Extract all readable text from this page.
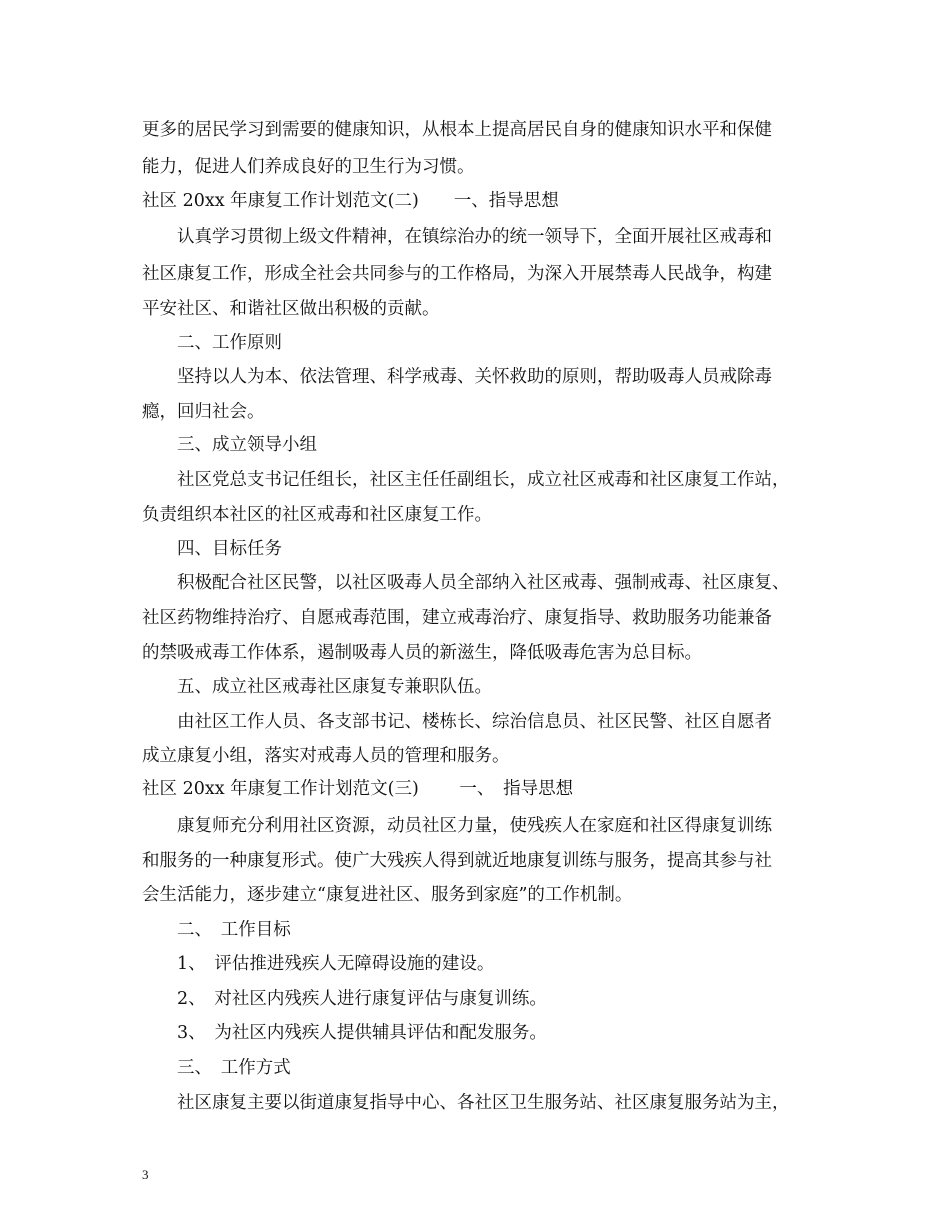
更多的居民学习到需要的健康知识，从根本上提高居民自身的健康知识水平和保健
能力，促进人们养成良好的卫生行为习惯。
社区 20xx 年康复工作计划范文(二)　　一、指导思想
认真学习贯彻上级文件精神，在镇综治办的统一领导下，全面开展社区戒毒和
社区康复工作，形成全社会共同参与的工作格局，为深入开展禁毒人民战争，构建
平安社区、和谐社区做出积极的贡献。
二、工作原则
坚持以人为本、依法管理、科学戒毒、关怀救助的原则，帮助吸毒人员戒除毒
瘾，回归社会。
三、成立领导小组
社区党总支书记任组长，社区主任任副组长，成立社区戒毒和社区康复工作站，
负责组织本社区的社区戒毒和社区康复工作。
四、目标任务
积极配合社区民警，以社区吸毒人员全部纳入社区戒毒、强制戒毒、社区康复、
社区药物维持治疗、自愿戒毒范围，建立戒毒治疗、康复指导、救助服务功能兼备
的禁吸戒毒工作体系，遏制吸毒人员的新滋生，降低吸毒危害为总目标。
五、成立社区戒毒社区康复专兼职队伍。
由社区工作人员、各支部书记、楼栋长、综治信息员、社区民警、社区自愿者
成立康复小组，落实对戒毒人员的管理和服务。
社区 20xx 年康复工作计划范文(三)　　 一、　指导思想
康复师充分利用社区资源，动员社区力量，使残疾人在家庭和社区得康复训练
和服务的一种康复形式。使广大残疾人得到就近地康复训练与服务，提高其参与社
会生活能力，逐步建立“康复进社区、服务到家庭”的工作机制。
二、　工作目标
1、　评估推进残疾人无障碍设施的建设。
2、　对社区内残疾人进行康复评估与康复训练。
3、　为社区内残疾人提供辅具评估和配发服务。
三、　工作方式
社区康复主要以街道康复指导中心、各社区卫生服务站、社区康复服务站为主，
3
